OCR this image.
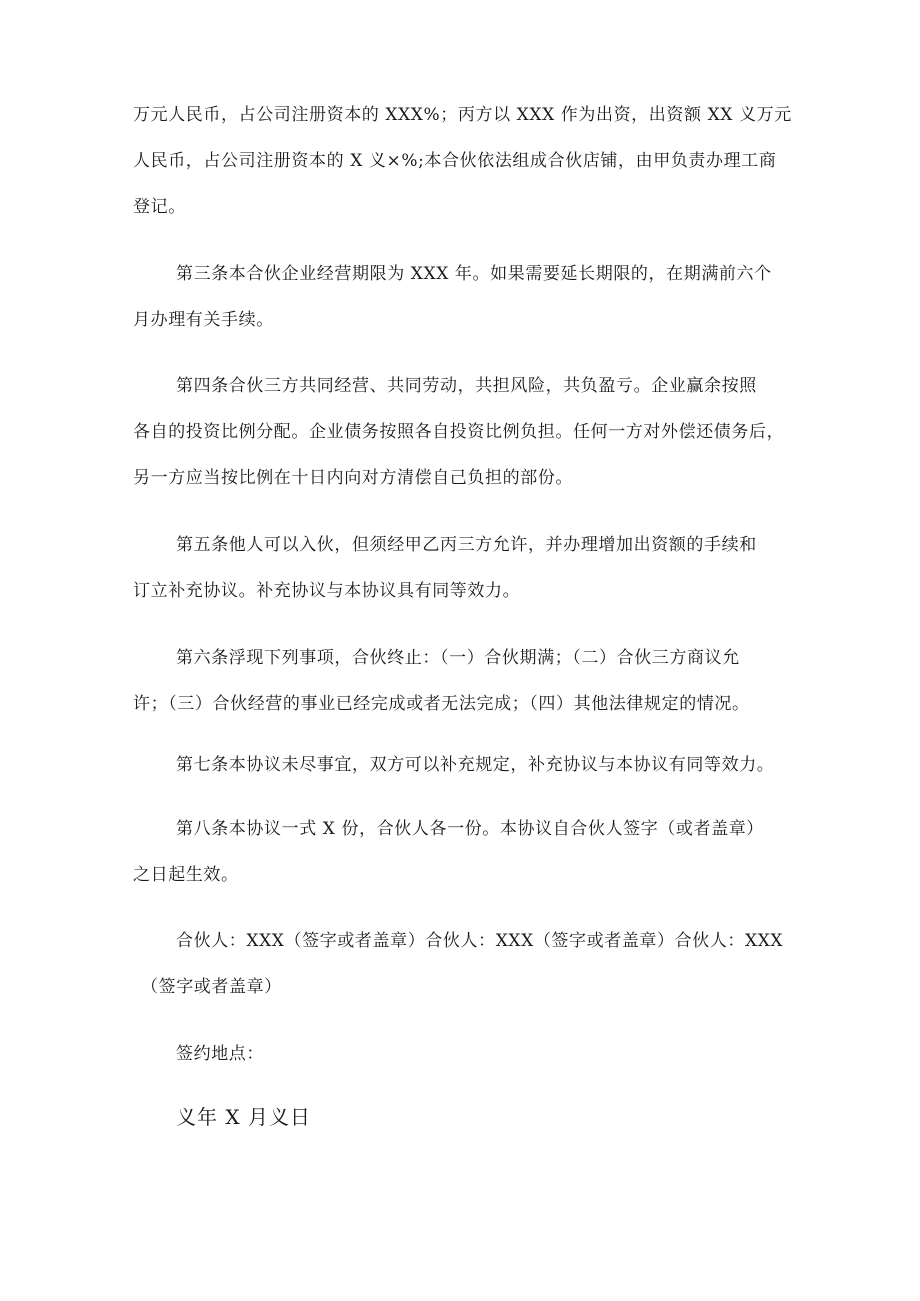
万元人民币，占公司注册资本的 XXX%；丙方以 XXX 作为出资，出资额 XX 义万元
人民币，占公司注册资本的 X 义×%;本合伙依法组成合伙店铺，由甲负责办理工商
登记。

第三条本合伙企业经营期限为 XXX 年。如果需要延长期限的，在期满前六个
月办理有关手续。

第四条合伙三方共同经营、共同劳动，共担风险，共负盈亏。企业赢余按照
各自的投资比例分配。企业债务按照各自投资比例负担。任何一方对外偿还债务后，
另一方应当按比例在十日内向对方清偿自己负担的部份。

第五条他人可以入伙，但须经甲乙丙三方允许，并办理增加出资额的手续和
订立补充协议。补充协议与本协议具有同等效力。

第六条浮现下列事项，合伙终止：（一）合伙期满；（二）合伙三方商议允
许；（三）合伙经营的事业已经完成或者无法完成；（四）其他法律规定的情况。

第七条本协议未尽事宜，双方可以补充规定，补充协议与本协议有同等效力。

第八条本协议一式 X 份，合伙人各一份。本协议自合伙人签字（或者盖章）
之日起生效。

合伙人：XXX（签字或者盖章）合伙人：XXX（签字或者盖章）合伙人：XXX
（签字或者盖章）

签约地点：

义年 X 月义日
